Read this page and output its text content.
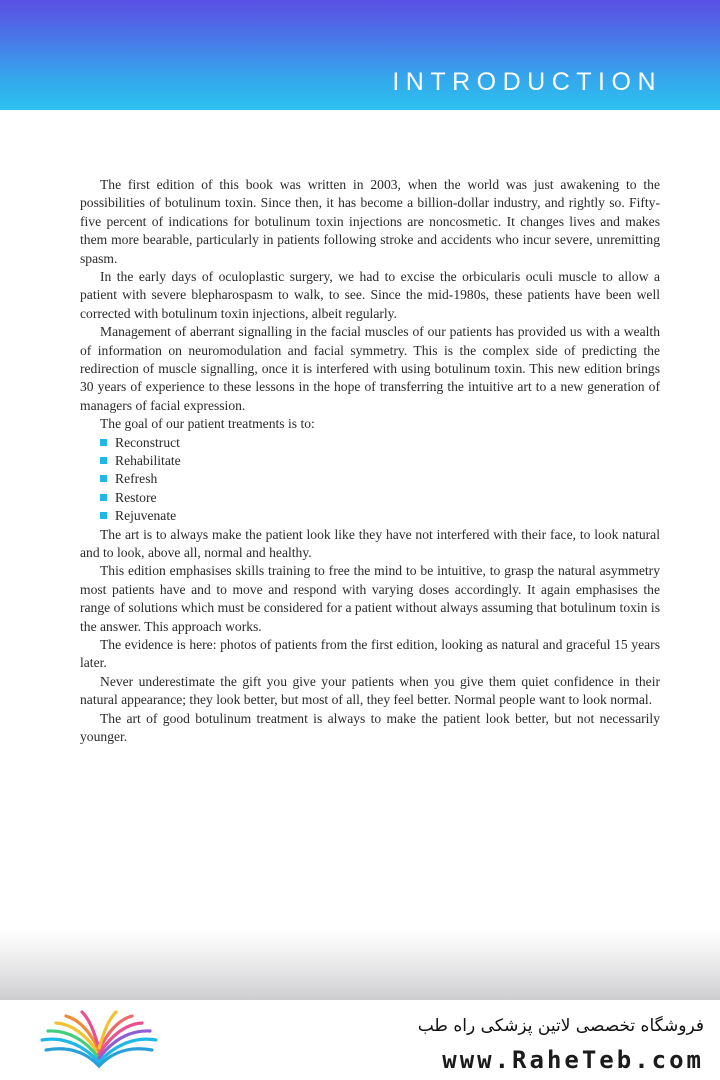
INTRODUCTION

The first edition of this book was written in 2003, when the world was just awakening to the possibilities of botulinum toxin. Since then, it has become a billion-dollar industry, and rightly so. Fifty-five percent of indications for botulinum toxin injections are noncosmetic. It changes lives and makes them more bearable, particularly in patients following stroke and accidents who incur severe, unremitting spasm.

In the early days of oculoplastic surgery, we had to excise the orbicularis oculi muscle to allow a patient with severe blepharospasm to walk, to see. Since the mid-1980s, these patients have been well corrected with botulinum toxin injections, albeit regularly.

Management of aberrant signalling in the facial muscles of our patients has provided us with a wealth of information on neuromodulation and facial symmetry. This is the complex side of predicting the redirection of muscle signalling, once it is interfered with using botulinum toxin. This new edition brings 30 years of experience to these lessons in the hope of transferring the intuitive art to a new generation of managers of facial expression.

The goal of our patient treatments is to:

Reconstruct
Rehabilitate
Refresh
Restore
Rejuvenate

The art is to always make the patient look like they have not interfered with their face, to look natural and to look, above all, normal and healthy.

This edition emphasises skills training to free the mind to be intuitive, to grasp the natural asymmetry most patients have and to move and respond with varying doses accordingly. It again emphasises the range of solutions which must be considered for a patient without always assuming that botulinum toxin is the answer. This approach works.

The evidence is here: photos of patients from the first edition, looking as natural and graceful 15 years later.

Never underestimate the gift you give your patients when you give them quiet confidence in their natural appearance; they look better, but most of all, they feel better. Normal people want to look normal.

The art of good botulinum treatment is always to make the patient look better, but not necessarily younger.

فروشگاه تخصصی لاتین پزشکی راه طب
www.RaheTeb.com
